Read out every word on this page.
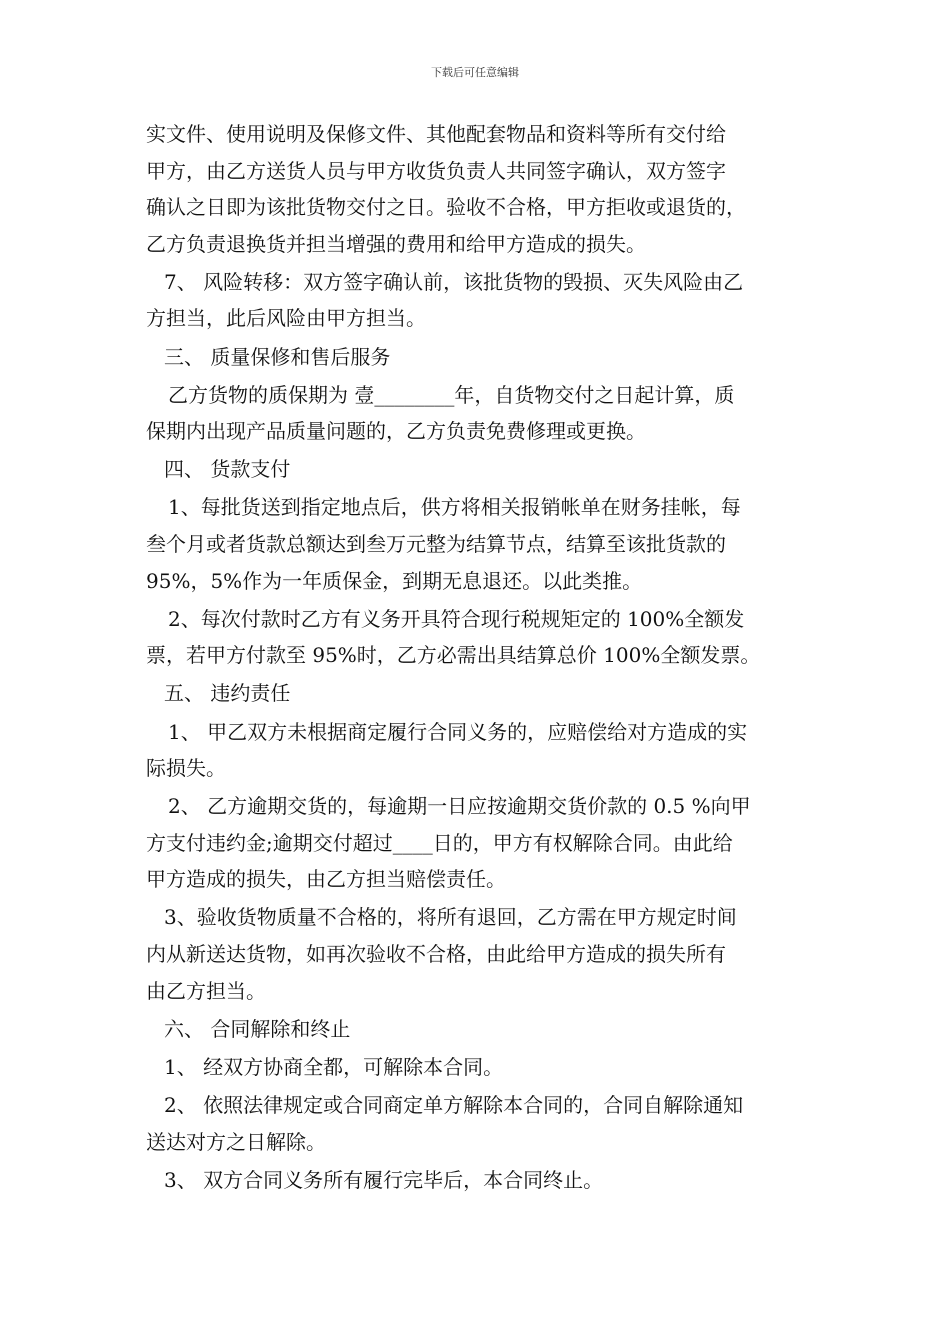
下载后可任意编辑
实文件、使用说明及保修文件、其他配套物品和资料等所有交付给
甲方，由乙方送货人员与甲方收货负责人共同签字确认，双方签字
确认之日即为该批货物交付之日。验收不合格，甲方拒收或退货的，
乙方负责退换货并担当增强的费用和给甲方造成的损失。
7、 风险转移：双方签字确认前，该批货物的毁损、灭失风险由乙
方担当，此后风险由甲方担当。
三、 质量保修和售后服务
乙方货物的质保期为 壹________年，自货物交付之日起计算，质
保期内出现产品质量问题的，乙方负责免费修理或更换。
四、 货款支付
1、每批货送到指定地点后，供方将相关报销帐单在财务挂帐，每
叁个月或者货款总额达到叁万元整为结算节点，结算至该批货款的
95%，5%作为一年质保金，到期无息退还。以此类推。
2、每次付款时乙方有义务开具符合现行税规矩定的 100%全额发
票，若甲方付款至 95%时，乙方必需出具结算总价 100%全额发票。
五、 违约责任
1、 甲乙双方未根据商定履行合同义务的，应赔偿给对方造成的实
际损失。
2、 乙方逾期交货的，每逾期一日应按逾期交货价款的 0.5 %向甲
方支付违约金;逾期交付超过____日的，甲方有权解除合同。由此给
甲方造成的损失，由乙方担当赔偿责任。
3、验收货物质量不合格的，将所有退回，乙方需在甲方规定时间
内从新送达货物，如再次验收不合格，由此给甲方造成的损失所有
由乙方担当。
六、 合同解除和终止
1、 经双方协商全都，可解除本合同。
2、 依照法律规定或合同商定单方解除本合同的，合同自解除通知
送达对方之日解除。
3、 双方合同义务所有履行完毕后，本合同终止。
